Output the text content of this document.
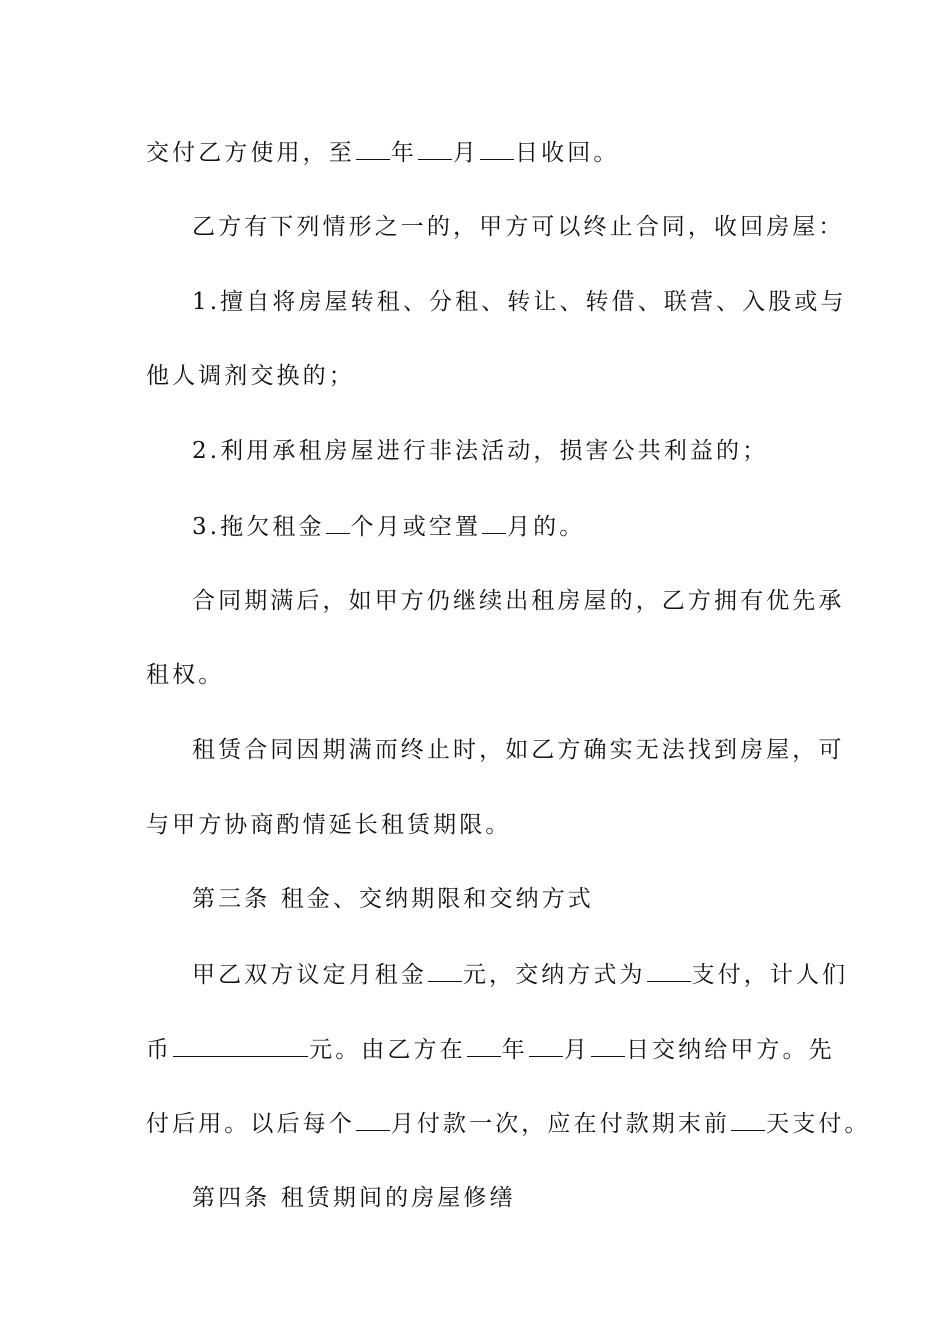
交付乙方使用，至 年 月 日收回。
乙方有下列情形之一的，甲方可以终止合同，收回房屋：
1.擅自将房屋转租、分租、转让、转借、联营、入股或与
他人调剂交换的；
2.利用承租房屋进行非法活动，损害公共利益的；
3.拖欠租金 个月或空置 月的。
合同期满后，如甲方仍继续出租房屋的，乙方拥有优先承
租权。
租赁合同因期满而终止时，如乙方确实无法找到房屋，可
与甲方协商酌情延长租赁期限。
第三条 租金、交纳期限和交纳方式
甲乙双方议定月租金 元，交纳方式为 支付，计人们
币	元。由乙方在 年 月 日交纳给甲方。先
付后用。以后每个 月付款一次，应在付款期末前 天支付。
第四条 租赁期间的房屋修缮
